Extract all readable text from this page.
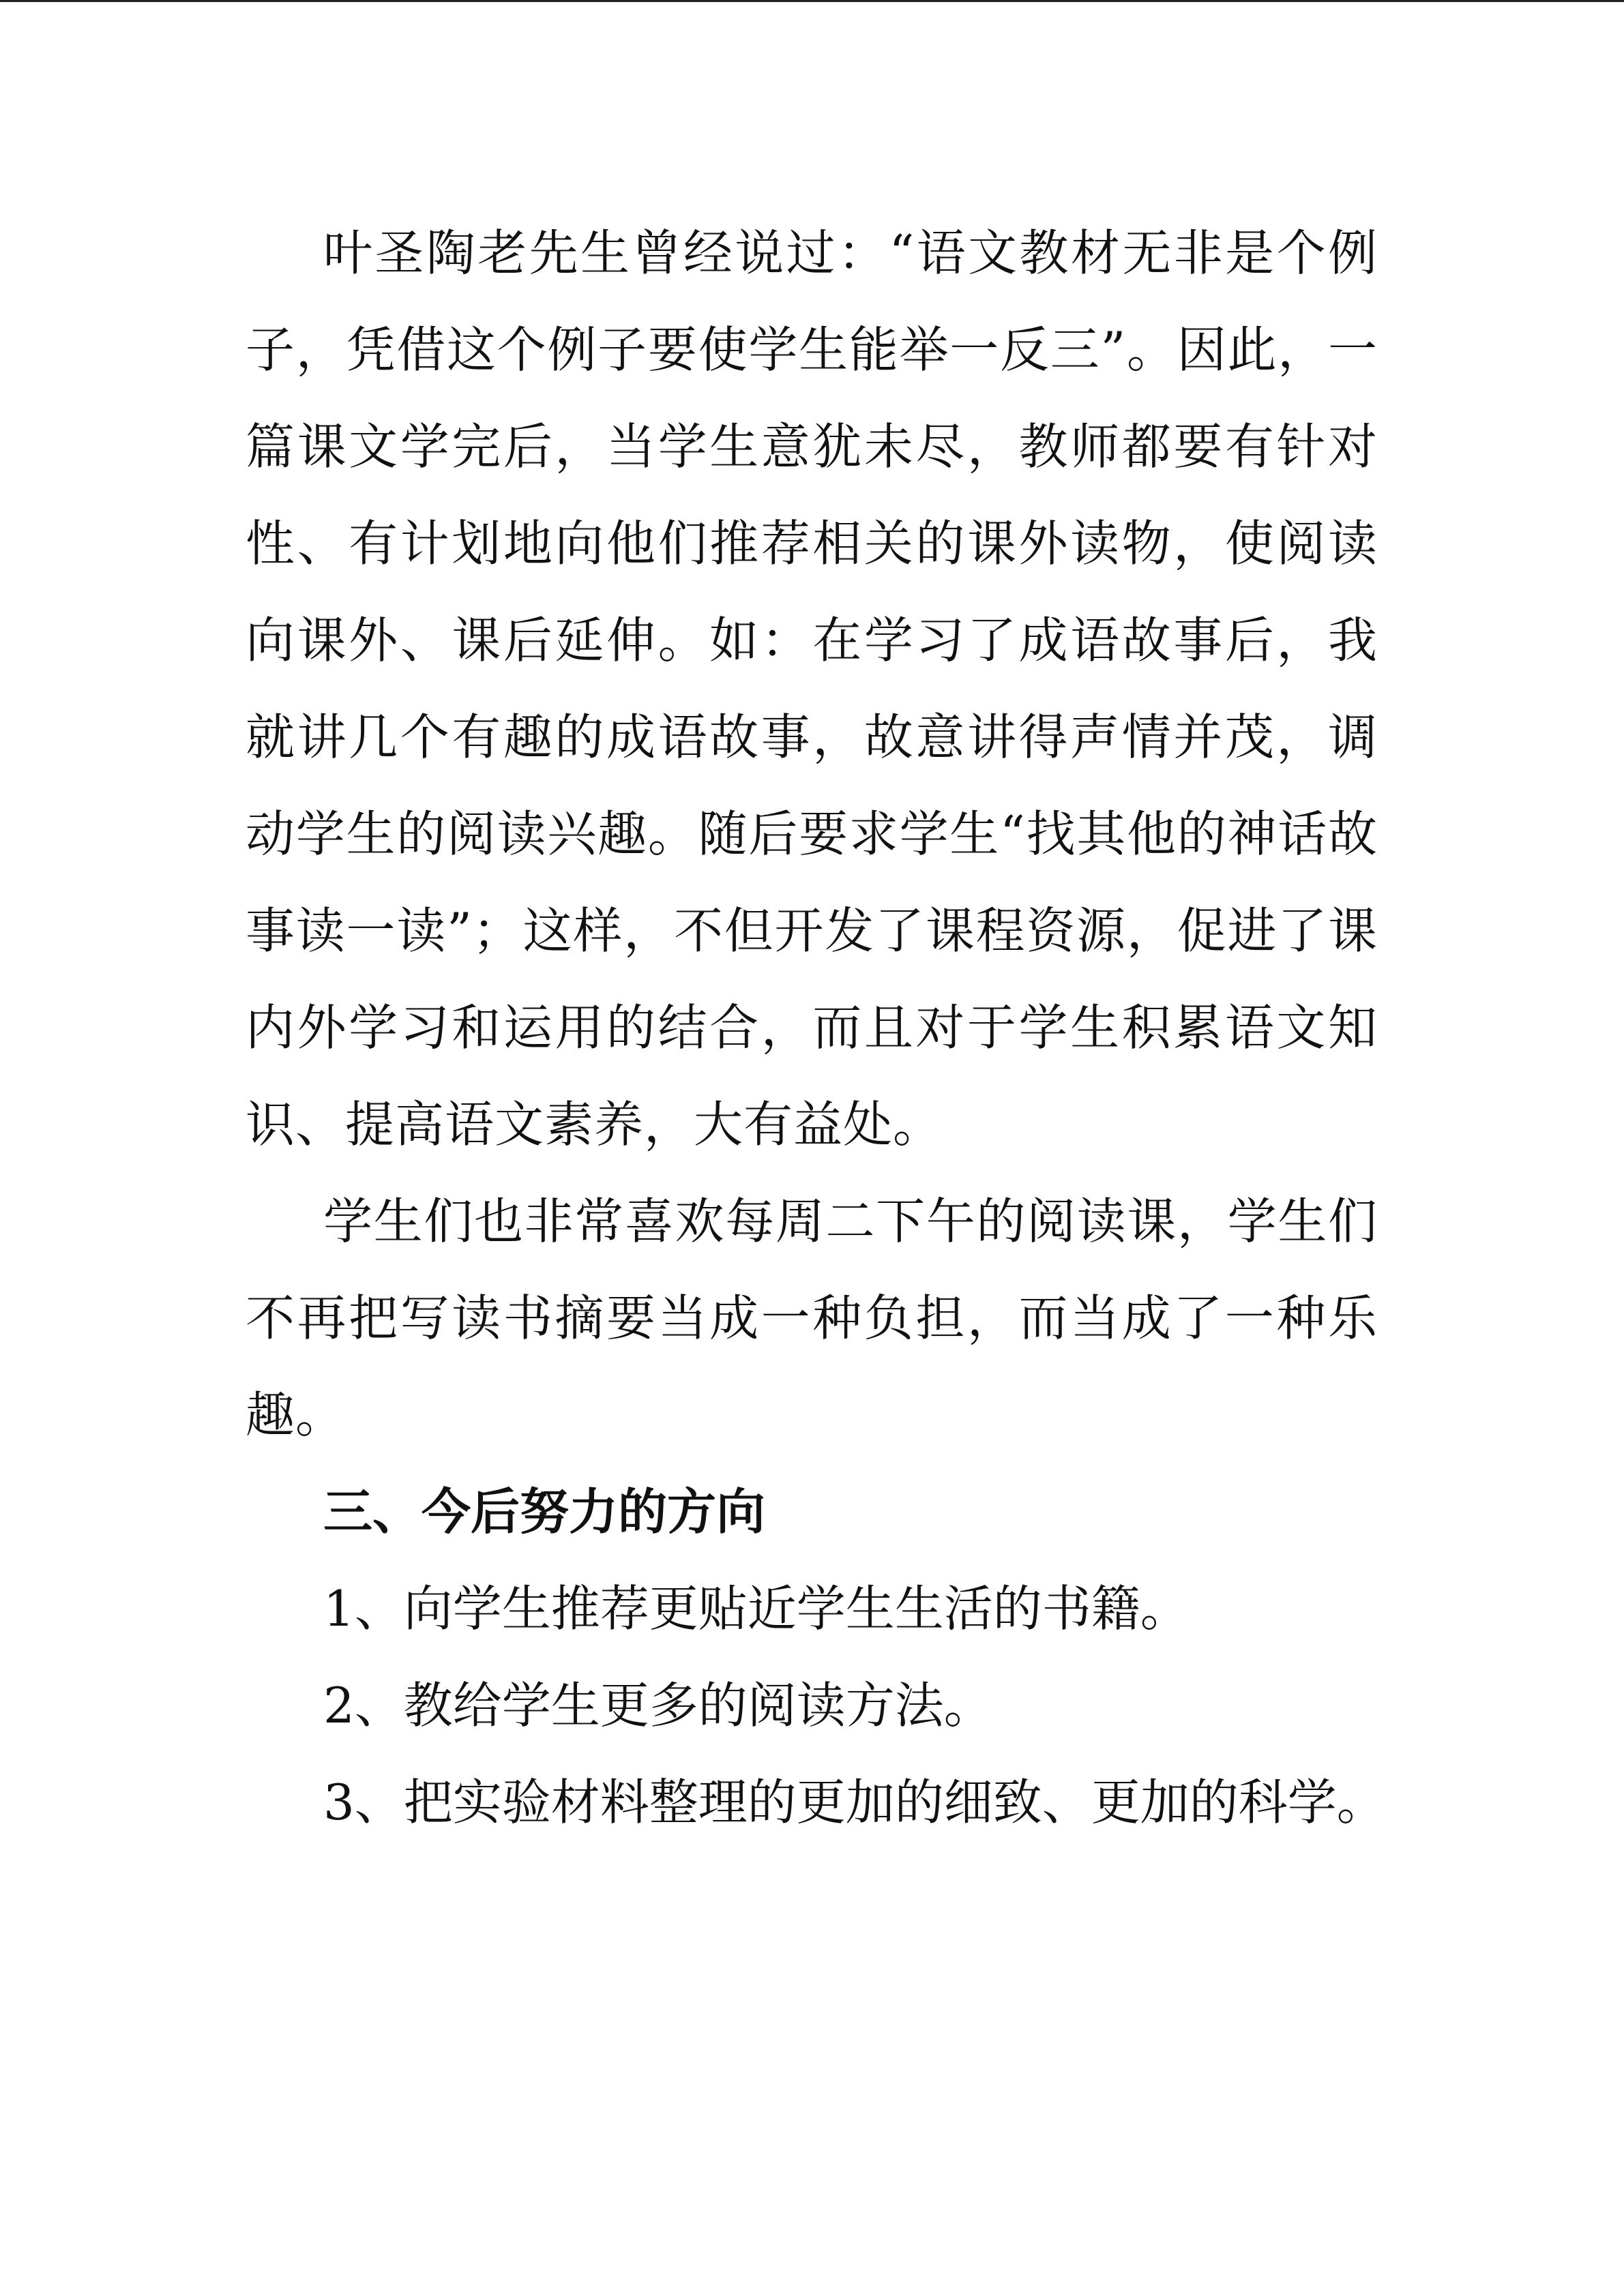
叶圣陶老先生曾经说过：“语文教材无非是个例子，凭借这个例子要使学生能举一反三”。因此，一篇课文学完后，当学生意犹未尽，教师都要有针对性、有计划地向他们推荐相关的课外读物，使阅读向课外、课后延伸。如：在学习了成语故事后，我就讲几个有趣的成语故事，故意讲得声情并茂，调动学生的阅读兴趣。随后要求学生“找其他的神话故事读一读”；这样，不但开发了课程资源，促进了课内外学习和运用的结合，而且对于学生积累语文知识、提高语文素养，大有益处。

学生们也非常喜欢每周二下午的阅读课，学生们不再把写读书摘要当成一种负担，而当成了一种乐趣。

三、今后努力的方向

1、向学生推荐更贴近学生生活的书籍。

2、教给学生更多的阅读方法。

3、把实验材料整理的更加的细致、更加的科学。
